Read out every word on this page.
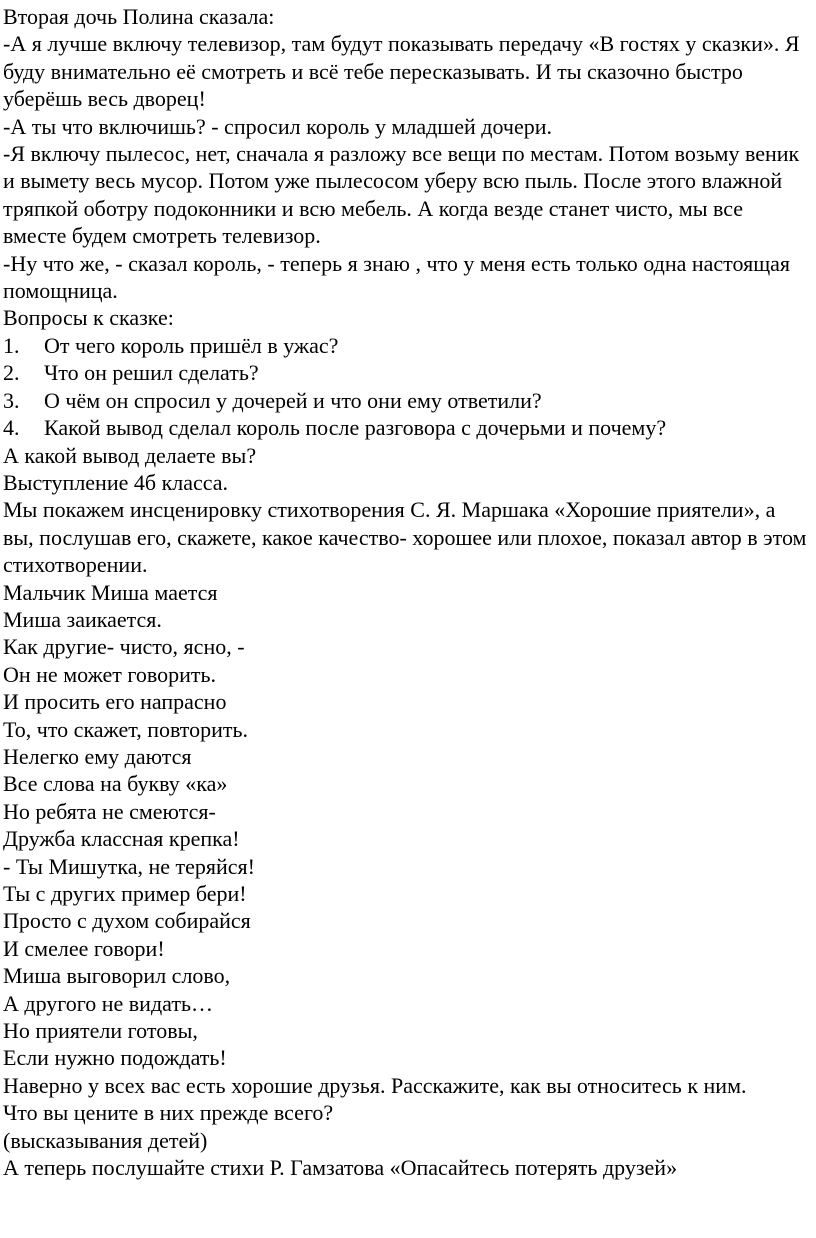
Вторая дочь Полина сказала:
-А я лучше включу телевизор, там будут показывать передачу «В гостях у сказки». Я буду внимательно её смотреть и всё тебе пересказывать. И ты сказочно быстро уберёшь весь дворец!
-А ты что включишь? - спросил король у младшей дочери.
-Я включу пылесос, нет, сначала я разложу все вещи по местам. Потом возьму веник и вымету весь мусор. Потом уже пылесосом уберу всю пыль. После этого влажной тряпкой оботру подоконники и всю мебель. А когда везде станет чисто, мы все вместе будем смотреть телевизор.
-Ну что же, - сказал король, - теперь я знаю , что у меня есть только одна настоящая помощница.
Вопросы к сказке:
1.	От чего король пришёл в ужас?
2.	Что он решил сделать?
3.	О чём он спросил у дочерей и что они ему ответили?
4.	Какой вывод сделал король после разговора с дочерьми и почему?
А какой вывод делаете вы?
Выступление 4б класса.
Мы покажем инсценировку стихотворения С. Я. Маршака «Хорошие приятели», а вы, послушав его, скажете, какое качество- хорошее или плохое, показал автор в этом стихотворении.
Мальчик Миша мается
Миша заикается.
Как другие- чисто, ясно, -
Он не может говорить.
И просить его напрасно
То, что скажет, повторить.
Нелегко ему даются
Все слова на букву «ка»
Но ребята не смеются-
Дружба классная крепка!
- Ты Мишутка, не теряйся!
Ты с других пример бери!
Просто с духом собирайся
И смелее говори!
Миша выговорил слово,
А другого не видать…
Но приятели готовы,
Если нужно подождать!
Наверно у всех вас есть хорошие друзья. Расскажите, как вы относитесь к ним.
Что вы цените в них прежде всего?
(высказывания детей)
А теперь послушайте стихи Р. Гамзатова «Опасайтесь потерять друзей»
